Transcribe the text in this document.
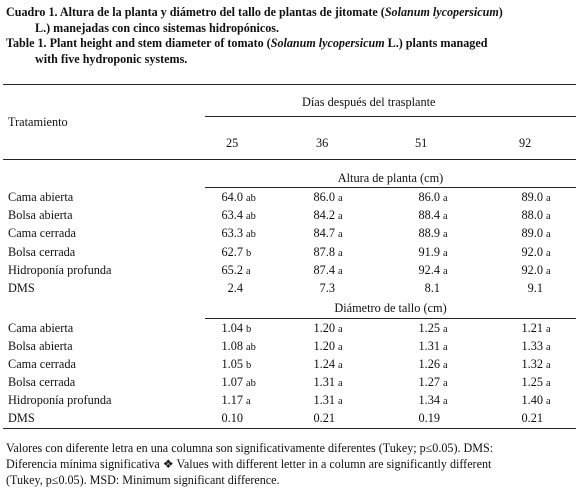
Cuadro 1. Altura de la planta y diámetro del tallo de plantas de jitomate (Solanum lycopersicum)
L.) manejadas con cinco sistemas hidropónicos.
Table 1. Plant height and stem diameter of tomato (Solanum lycopersicum L.) plants managed
with five hydroponic systems.
Días después del trasplante
Tratamiento
25	36	51	92
Altura de planta (cm)
Cama abierta	64.0 ab	86.0 a	86.0 a	89.0 a
Bolsa abierta	63.4 ab	84.2 a	88.4 a	88.0 a
Cama cerrada	63.3 ab	84.7 a	88.9 a	89.0 a
Bolsa cerrada	62.7 b	87.8 a	91.9 a	92.0 a
Hidroponía profunda	65.2 a	87.4 a	92.4 a	92.0 a
DMS	2.4	7.3	8.1	9.1
Diámetro de tallo (cm)
Cama abierta	1.04 b	1.20 a	1.25 a	1.21 a
Bolsa abierta	1.08 ab	1.20 a	1.31 a	1.33 a
Cama cerrada	1.05 b	1.24 a	1.26 a	1.32 a
Bolsa cerrada	1.07 ab	1.31 a	1.27 a	1.25 a
Hidroponía profunda	1.17 a	1.31 a	1.34 a	1.40 a
DMS	0.10	0.21	0.19	0.21
Valores con diferente letra en una columna son significativamente diferentes (Tukey; p≤0.05). DMS:
Diferencia mínima significativa ❖ Values with different letter in a column are significantly different
(Tukey, p≤0.05). MSD: Minimum significant difference.
